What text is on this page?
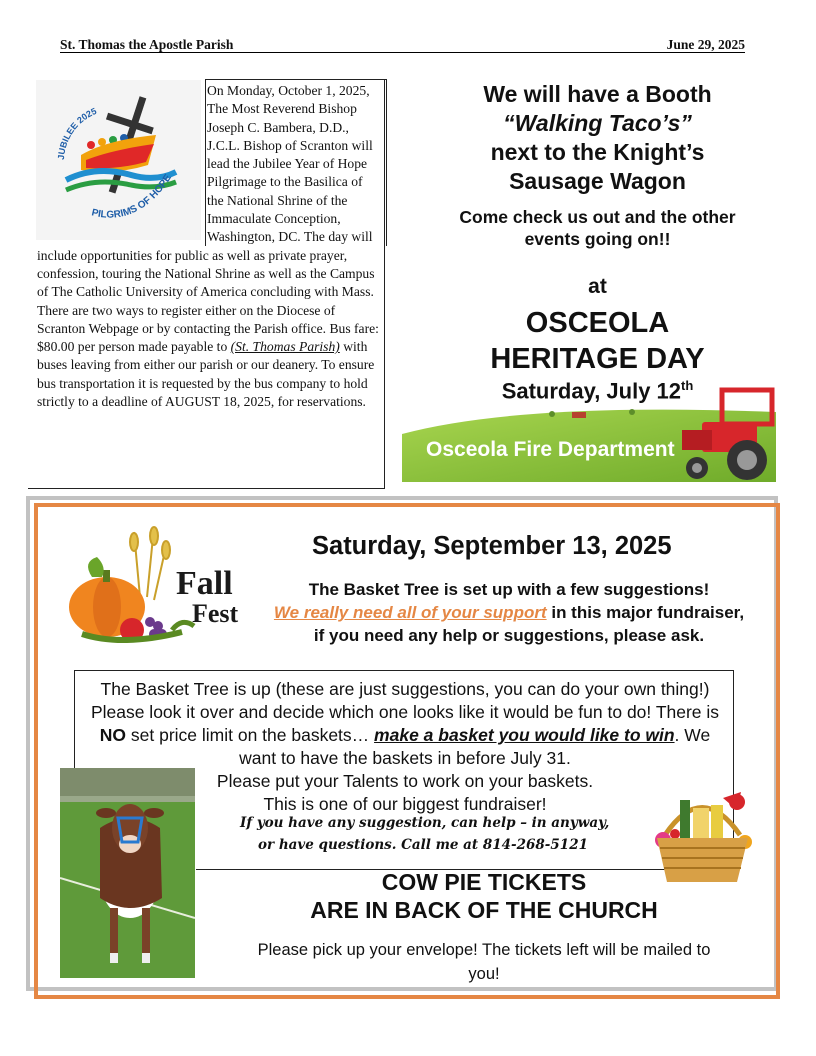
St. Thomas the Apostle Parish	June 29, 2025
On Monday, October 1, 2025, The Most Reverend Bishop Joseph C. Bambera, D.D., J.C.L. Bishop of Scranton will lead the Jubilee Year of Hope Pilgrimage to the Basilica of the National Shrine of the Immaculate Conception, Washington, DC. The day will include opportunities for public as well as private prayer, confession, touring the National Shrine as well as the Campus of The Catholic University of America concluding with Mass. There are two ways to register either on the Diocese of Scranton Webpage or by contacting the Parish office. Bus fare: $80.00 per person made payable to (St. Thomas Parish) with buses leaving from either our parish or our deanery. To ensure bus transportation it is requested by the bus company to hold strictly to a deadline of AUGUST 18, 2025, for reservations.
JUBILEE 2025
PILGRIMS OF HOPE
We will have a Booth
“Walking Taco’s”
next to the Knight’s
Sausage Wagon
Come check us out and the other events going on!!
at
OSCEOLA
HERITAGE DAY
Osceola Fire Department
Saturday, July 12th
Fall
Fest
Saturday, September 13, 2025
The Basket Tree is set up with a few suggestions!
We really need all of your support in this major fundraiser, if you need any help or suggestions, please ask.
The Basket Tree is up (these are just suggestions, you can do your own thing!) Please look it over and decide which one looks like it would be fun to do! There is NO set price limit on the baskets… make a basket you would like to win. We want to have the baskets in before July 31.
Please put your Talents to work on your baskets.
This is one of our biggest fundraiser!
If you have any suggestion, can help – in anyway,
or have questions. Call me at 814-268-5121
COW PIE TICKETS
ARE IN BACK OF THE CHURCH
Please pick up your envelope! The tickets left will be mailed to you!
